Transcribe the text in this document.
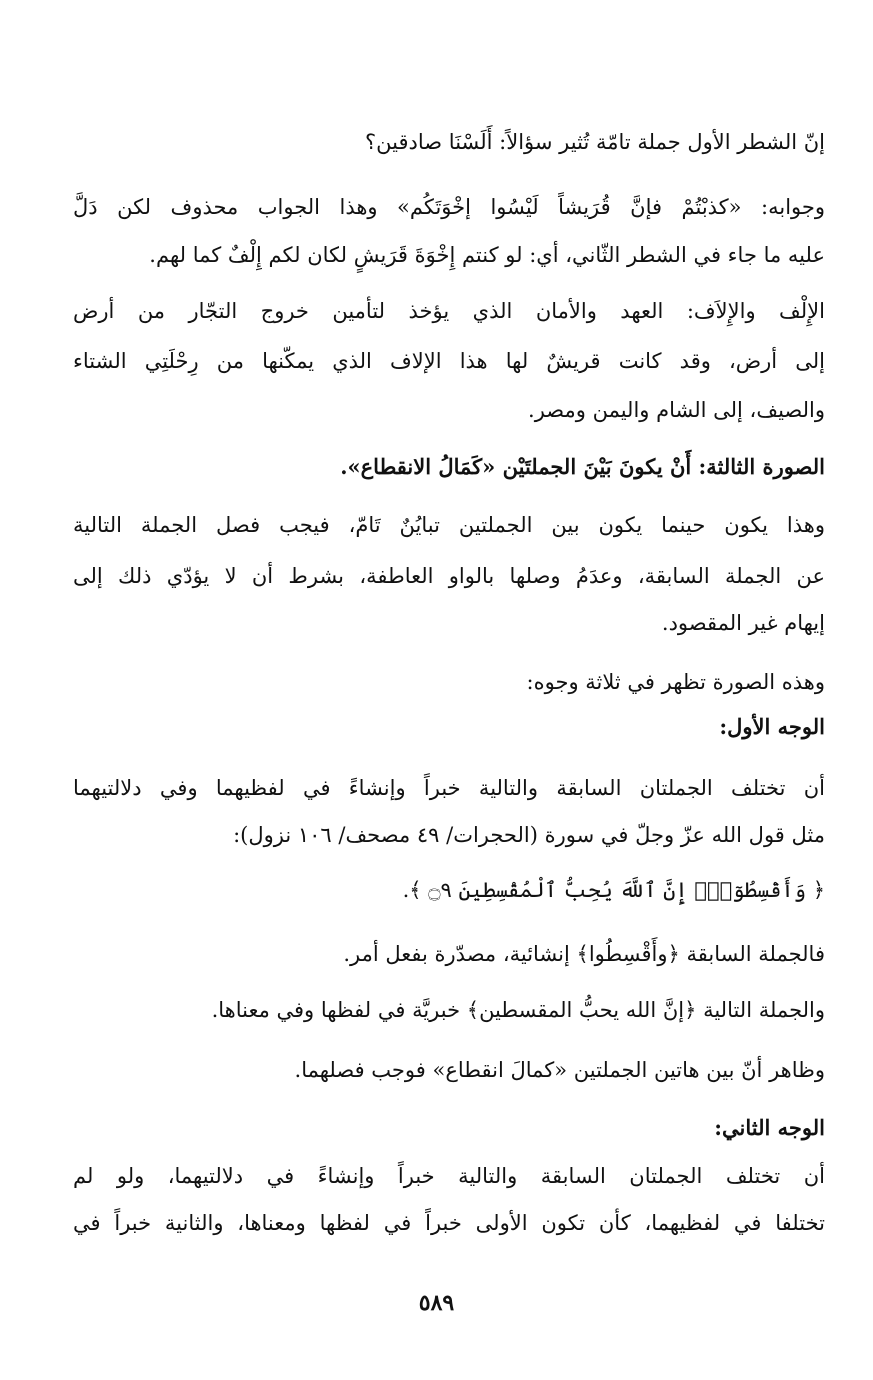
إنّ الشطر الأول جملة تامّة تُثير سؤالاً: أَلَسْنَا صادقين؟
وجوابه: «كذبْتُمْ فإنَّ قُرَيشاً لَيْسُوا إخْوَتَكُم» وهذا الجواب محذوف لكن دَلَّ
عليه ما جاء في الشطر الثّاني، أي: لو كنتم إِخْوَةَ قَرَيشٍ لكان لكم إِلْفٌ كما لهم.
الإِلْف والإِلاَف: العهد والأمان الذي يؤخذ لتأمين خروج التجّار من أرض
إلى أرض، وقد كانت قريشٌ لها هذا الإلاف الذي يمكّنها من رِحْلَتِي الشتاء
والصيف، إلى الشام واليمن ومصر.
الصورة الثالثة: أَنْ يكونَ بَيْنَ الجملتَيْن «كَمَالُ الانقطاع».
وهذا يكون حينما يكون بين الجملتين تبايُنٌ تَامّ، فيجب فصل الجملة التالية
عن الجملة السابقة، وعدَمُ وصلها بالواو العاطفة، بشرط أن لا يؤدّي ذلك إلى
إيهام غير المقصود.
وهذه الصورة تظهر في ثلاثة وجوه:
الوجه الأول:
أن تختلف الجملتان السابقة والتالية خبراً وإنشاءً في لفظيهما وفي دلالتيهما
مثل قول الله عزّ وجلّ في سورة (الحجرات/ ٤٩ مصحف/ ١٠٦ نزول):
﴿ وَأَقْسِطُوٓاْۖ إِنَّ ٱللَّهَ يُحِبُّ ٱلْمُقْسِطِينَ ۝٩ ﴾.
فالجملة السابقة ﴿وأَقْسِطُوا﴾ إنشائية، مصدّرة بفعل أمر.
والجملة التالية ﴿إنَّ الله يحبُّ المقسطين﴾ خبريَّة في لفظها وفي معناها.
وظاهر أنّ بين هاتين الجملتين «كمالَ انقطاع» فوجب فصلهما.
الوجه الثاني:
أن تختلف الجملتان السابقة والتالية خبراً وإنشاءً في دلالتيهما، ولو لم
تختلفا في لفظيهما، كأن تكون الأولى خبراً في لفظها ومعناها، والثانية خبراً في
٥٨٩
